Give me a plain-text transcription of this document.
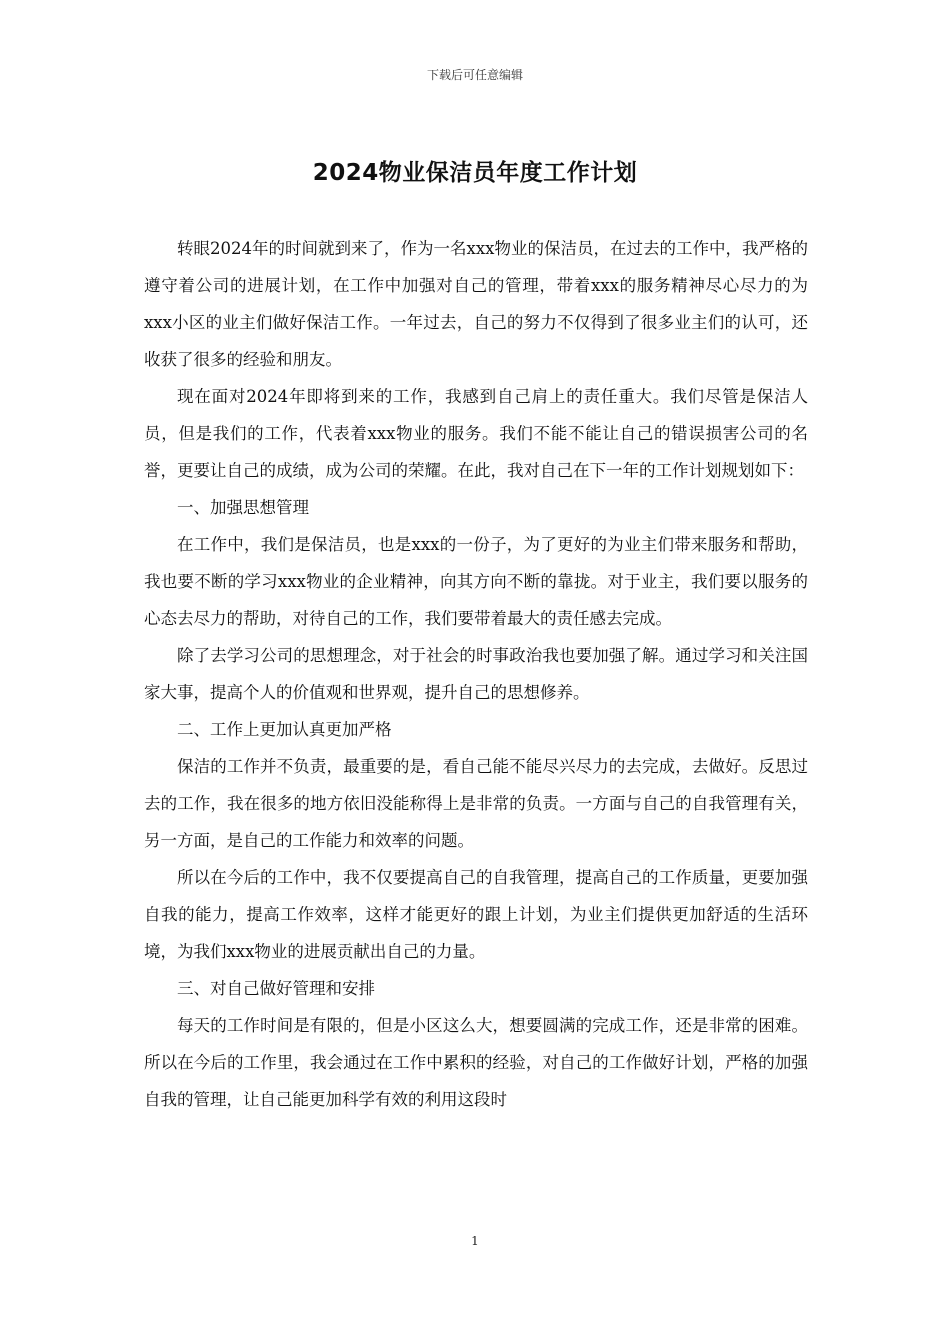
下载后可任意编辑
2024物业保洁员年度工作计划

转眼2024年的时间就到来了，作为一名xxx物业的保洁员，在过去的工作中，我严格的遵守着公司的进展计划，在工作中加强对自己的管理，带着xxx的服务精神尽心尽力的为xxx小区的业主们做好保洁工作。一年过去，自己的努力不仅得到了很多业主们的认可，还收获了很多的经验和朋友。

现在面对2024年即将到来的工作，我感到自己肩上的责任重大。我们尽管是保洁人员，但是我们的工作，代表着xxx物业的服务。我们不能不能让自己的错误损害公司的名誉，更要让自己的成绩，成为公司的荣耀。在此，我对自己在下一年的工作计划规划如下：

一、加强思想管理

在工作中，我们是保洁员，也是xxx的一份子，为了更好的为业主们带来服务和帮助，我也要不断的学习xxx物业的企业精神，向其方向不断的靠拢。对于业主，我们要以服务的心态去尽力的帮助，对待自己的工作，我们要带着最大的责任感去完成。

除了去学习公司的思想理念，对于社会的时事政治我也要加强了解。通过学习和关注国家大事，提高个人的价值观和世界观，提升自己的思想修养。

二、工作上更加认真更加严格

保洁的工作并不负责，最重要的是，看自己能不能尽兴尽力的去完成，去做好。反思过去的工作，我在很多的地方依旧没能称得上是非常的负责。一方面与自己的自我管理有关，另一方面，是自己的工作能力和效率的问题。

所以在今后的工作中，我不仅要提高自己的自我管理，提高自己的工作质量，更要加强自我的能力，提高工作效率，这样才能更好的跟上计划，为业主们提供更加舒适的生活环境，为我们xxx物业的进展贡献出自己的力量。

三、对自己做好管理和安排

每天的工作时间是有限的，但是小区这么大，想要圆满的完成工作，还是非常的困难。所以在今后的工作里，我会通过在工作中累积的经验，对自己的工作做好计划，严格的加强自我的管理，让自己能更加科学有效的利用这段时

1
